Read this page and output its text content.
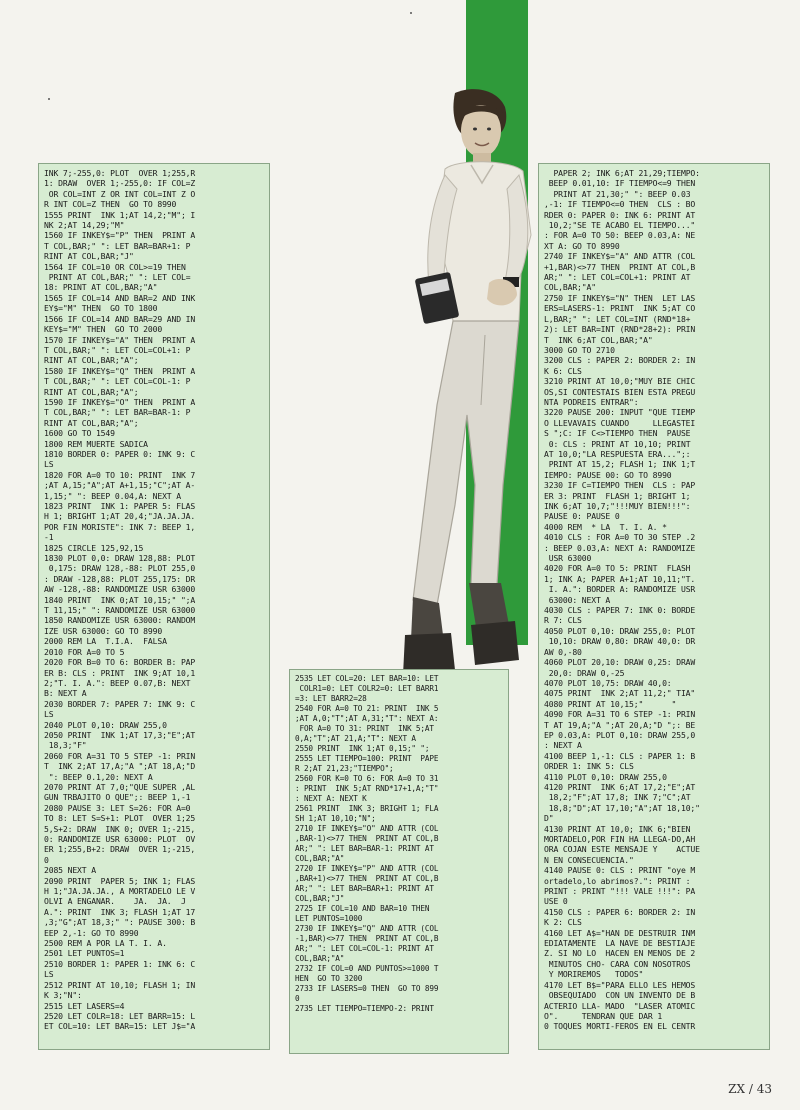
INK 7;-255,0: PLOT  OVER 1;255,R
1: DRAW  OVER 1;-255,0: IF COL=Z
OR COL=INT Z OR INT COL=INT Z O
R INT COL=Z THEN  GO TO 8990
1555 PRINT  INK 1;AT 14,2;"M"; I
NK 2;AT 14,29;"M"
1560 IF INKEY$="P" THEN  PRINT A
T COL,BAR;" ": LET BAR=BAR+1: P
RINT AT COL,BAR;"J"
1564 IF COL=10 OR COL>=19 THEN
PRINT AT COL,BAR;" ": LET COL=
18: PRINT AT COL,BAR;"A"
1565 IF COL=14 AND BAR=2 AND INK
EY$="M" THEN  GO TO 1800
1566 IF COL=14 AND BAR=29 AND IN
KEY$="M" THEN  GO TO 2000
1570 IF INKEY$="A" THEN  PRINT A
T COL,BAR;" ": LET COL=COL+1: P
RINT AT COL,BAR;"A";
1580 IF INKEY$="Q" THEN  PRINT A
T COL,BAR;" ": LET COL=COL-1: P
RINT AT COL,BAR;"A";
1590 IF INKEY$="O" THEN  PRINT A
T COL,BAR;" ": LET BAR=BAR-1: P
RINT AT COL,BAR;"A";
1600 GO TO 1549
1800 REM MUERTE SADICA
1810 BORDER 0: PAPER 0: INK 9: C
LS
1820 FOR A=0 TO 10: PRINT  INK 7
;AT A,15;"A";AT A+1,15;"C";AT A-
1,15;" ": BEEP 0.04,A: NEXT A
1823 PRINT  INK 1: PAPER 5: FLAS
H 1; BRIGHT 1;AT 20,4;"JA.JA.JA.
POR FIN MORISTE": INK 7: BEEP 1,
-1
1825 CIRCLE 125,92,15
1830 PLOT 0,0: DRAW 128,88: PLOT
0,175: DRAW 128,-88: PLOT 255,0
: DRAW -128,88: PLOT 255,175: DR
AW -128,-88: RANDOMIZE USR 63000
1840 PRINT  INK 0;AT 10,15;" ";A
T 11,15;" ": RANDOMIZE USR 63000
1850 RANDOMIZE USR 63000: RANDOM
IZE USR 63000: GO TO 8990
2000 REM LA  T.I.A.  FALSA
2010 FOR A=0 TO 5
2020 FOR B=0 TO 6: BORDER B: PAP
ER B: CLS : PRINT  INK 9;AT 10,1
2;"T. I. A.": BEEP 0.07,B: NEXT
B: NEXT A
2030 BORDER 7: PAPER 7: INK 9: C
LS
2040 PLOT 0,10: DRAW 255,0
2050 PRINT  INK 1;AT 17,3;"E";AT
18,3;"F"
2060 FOR A=31 TO 5 STEP -1: PRIN
T  INK 2;AT 17,A;"A ";AT 18,A;"D
": BEEP 0.1,20: NEXT A
2070 PRINT AT 7,0;"QUE SUPER ,AL
GUN TRBAJITO O QUE";: BEEP 1,-1
2080 PAUSE 3: LET S=26: FOR A=0
TO 8: LET S=S+1: PLOT  OVER 1;25
5,S+2: DRAW  INK 0; OVER 1;-215,
0: RANDOMIZE USR 63000: PLOT  OV
ER 1;255,B+2: DRAW  OVER 1;-215,
0
2085 NEXT A
2090 PRINT  PAPER 5; INK 1; FLAS
H 1;"JA.JA.JA., A MORTADELO LE V
OLVI A ENGANAR.    JA.  JA.  J
A.": PRINT  INK 3; FLASH 1;AT 17
,3;"G";AT 18,3;" ": PAUSE 300: B
EEP 2,-1: GO TO 8990
2500 REM A POR LA T. I. A.
2501 LET PUNTOS=1
2510 BORDER 1: PAPER 1: INK 6: C
LS
2512 PRINT AT 10,10; FLASH 1; IN
K 3;"N":
2515 LET LASERS=4
2520 LET COLR=18: LET BARR=15: L
ET COL=10: LET BAR=15: LET J$="A
2535 LET COL=20: LET BAR=10: LET
COLR1=0: LET COLR2=0: LET BARR1
=3: LET BARR2=28
2540 FOR A=0 TO 21: PRINT  INK 5
;AT A,0;"T";AT A,31;"T": NEXT A:
FOR A=0 TO 31: PRINT  INK 5;AT
0,A;"T";AT 21,A;"T": NEXT A
2550 PRINT  INK 1;AT 0,15;" ";
2555 LET TIEMPO=100: PRINT  PAPE
R 2;AT 21,23;"TIEMPO";
2560 FOR K=0 TO 6: FOR A=0 TO 31
: PRINT  INK 5;AT RND*17+1,A;"T"
: NEXT A: NEXT K
2561 PRINT  INK 3; BRIGHT 1; FLA
SH 1;AT 10,10;"N";
2710 IF INKEY$="O" AND ATTR (COL
,BAR-1)<>77 THEN  PRINT AT COL,B
AR;" ": LET BAR=BAR-1: PRINT AT
COL,BAR;"A"
2720 IF INKEY$="P" AND ATTR (COL
,BAR+1)<>77 THEN  PRINT AT COL,B
AR;" ": LET BAR=BAR+1: PRINT AT
COL,BAR;"J"
2725 IF COL=10 AND BAR=10 THEN
LET PUNTOS=1000
2730 IF INKEY$="Q" AND ATTR (COL
-1,BAR)<>77 THEN  PRINT AT COL,B
AR;" ": LET COL=COL-1: PRINT AT
COL,BAR;"A"
2732 IF COL=0 AND PUNTOS>=1000 T
HEN  GO TO 3200
2733 IF LASERS=0 THEN  GO TO 899
0
2735 LET TIEMPO=TIEMPO-2: PRINT
PAPER 2; INK 6;AT 21,29;TIEMPO:
BEEP 0.01,10: IF TIEMPO<=9 THEN
PRINT AT 21,30;" ": BEEP 0.03
,-1: IF TIEMPO<=0 THEN  CLS : BO
RDER 0: PAPER 0: INK 6: PRINT AT
10,2;"SE TE ACABO EL TIEMPO..."
: FOR A=0 TO 50: BEEP 0.03,A: NE
XT A: GO TO 8990
2740 IF INKEY$="A" AND ATTR (COL
+1,BAR)<>77 THEN  PRINT AT COL,B
AR;" ": LET COL=COL+1: PRINT AT
COL,BAR;"A"
2750 IF INKEY$="N" THEN  LET LAS
ERS=LASERS-1: PRINT  INK 5;AT CO
L,BAR;" ": LET COL=INT (RND*18+
2): LET BAR=INT (RND*28+2): PRIN
T  INK 6;AT COL,BAR;"A"
3000 GO TO 2710
3200 CLS : PAPER 2: BORDER 2: IN
K 6: CLS
3210 PRINT AT 10,0;"MUY BIE CHIC
OS,SI CONTESTAIS BIEN ESTA PREGU
NTA PODREIS ENTRAR":
3220 PAUSE 200: INPUT "QUE TIEMP
O LLEVAVAIS CUANDO     LLEGASTEI
S ";C: IF C<>TIEMPO THEN  PAUSE
0: CLS : PRINT AT 10,10; PRINT
AT 10,0;"LA RESPUESTA ERA...";:
PRINT AT 15,2; FLASH 1; INK 1;T
IEMPO: PAUSE 00: GO TO 8990
3230 IF C=TIEMPO THEN  CLS : PAP
ER 3: PRINT  FLASH 1; BRIGHT 1;
INK 6;AT 10,7;"!!!MUY BIEN!!!":
PAUSE 0: PAUSE 0
4000 REM  * LA  T. I. A. *
4010 CLS : FOR A=0 TO 30 STEP .2
: BEEP 0.03,A: NEXT A: RANDOMIZE
USR 63000
4020 FOR A=0 TO 5: PRINT  FLASH
1; INK A; PAPER A+1;AT 10,11;"T.
I. A.": BORDER A: RANDOMIZE USR
63000: NEXT A
4030 CLS : PAPER 7: INK 0: BORDE
R 7: CLS
4050 PLOT 0,10: DRAW 255,0: PLOT
10,10: DRAW 0,80: DRAW 40,0: DR
AW 0,-80
4060 PLOT 20,10: DRAW 0,25: DRAW
20,0: DRAW 0,-25
4070 PLOT 10,75: DRAW 40,0:
4075 PRINT  INK 2;AT 11,2;" TIA"
4080 PRINT AT 10,15;"      "
4090 FOR A=31 TO 6 STEP -1: PRIN
T AT 19,A;"A ";AT 20,A;"D ";: BE
EP 0.03,A: PLOT 0,10: DRAW 255,0
: NEXT A
4100 BEEP 1,-1: CLS : PAPER 1: B
ORDER 1: INK 5: CLS
4110 PLOT 0,10: DRAW 255,0
4120 PRINT  INK 6;AT 17,2;"E";AT
18,2;"F";AT 17,8; INK 7;"C";AT
18,8;"D";AT 17,10;"A";AT 18,10;"
D"
4130 PRINT AT 10,0; INK 6;"BIEN
MORTADELO,POR FIN HA LLEGA-DO,AH
ORA COJAN ESTE MENSAJE Y    ACTUE
N EN CONSECUENCIA."
4140 PAUSE 0: CLS : PRINT "oye M
ortadelo,lo abrimos?.": PRINT :
PRINT : PRINT "!!! VALE !!!": PA
USE 0
4150 CLS : PAPER 6: BORDER 2: IN
K 2: CLS
4160 LET A$="HAN DE DESTRUIR INM
EDIATAMENTE  LA NAVE DE BESTIAJE
Z. SI NO LO  HACEN EN MENOS DE 2
MINUTOS CHO- CARA CON NOSOTROS
Y MORIREMOS   TODOS"
4170 LET B$="PARA ELLO LES HEMOS
OBSEQUIADO  CON UN INVENTO DE B
ACTERIO LLA- MADO  "LASER ATOMIC
O".     TENDRAN QUE DAR 1
0 TOQUES MORTI-FEROS EN EL CENTR
ZX / 43
